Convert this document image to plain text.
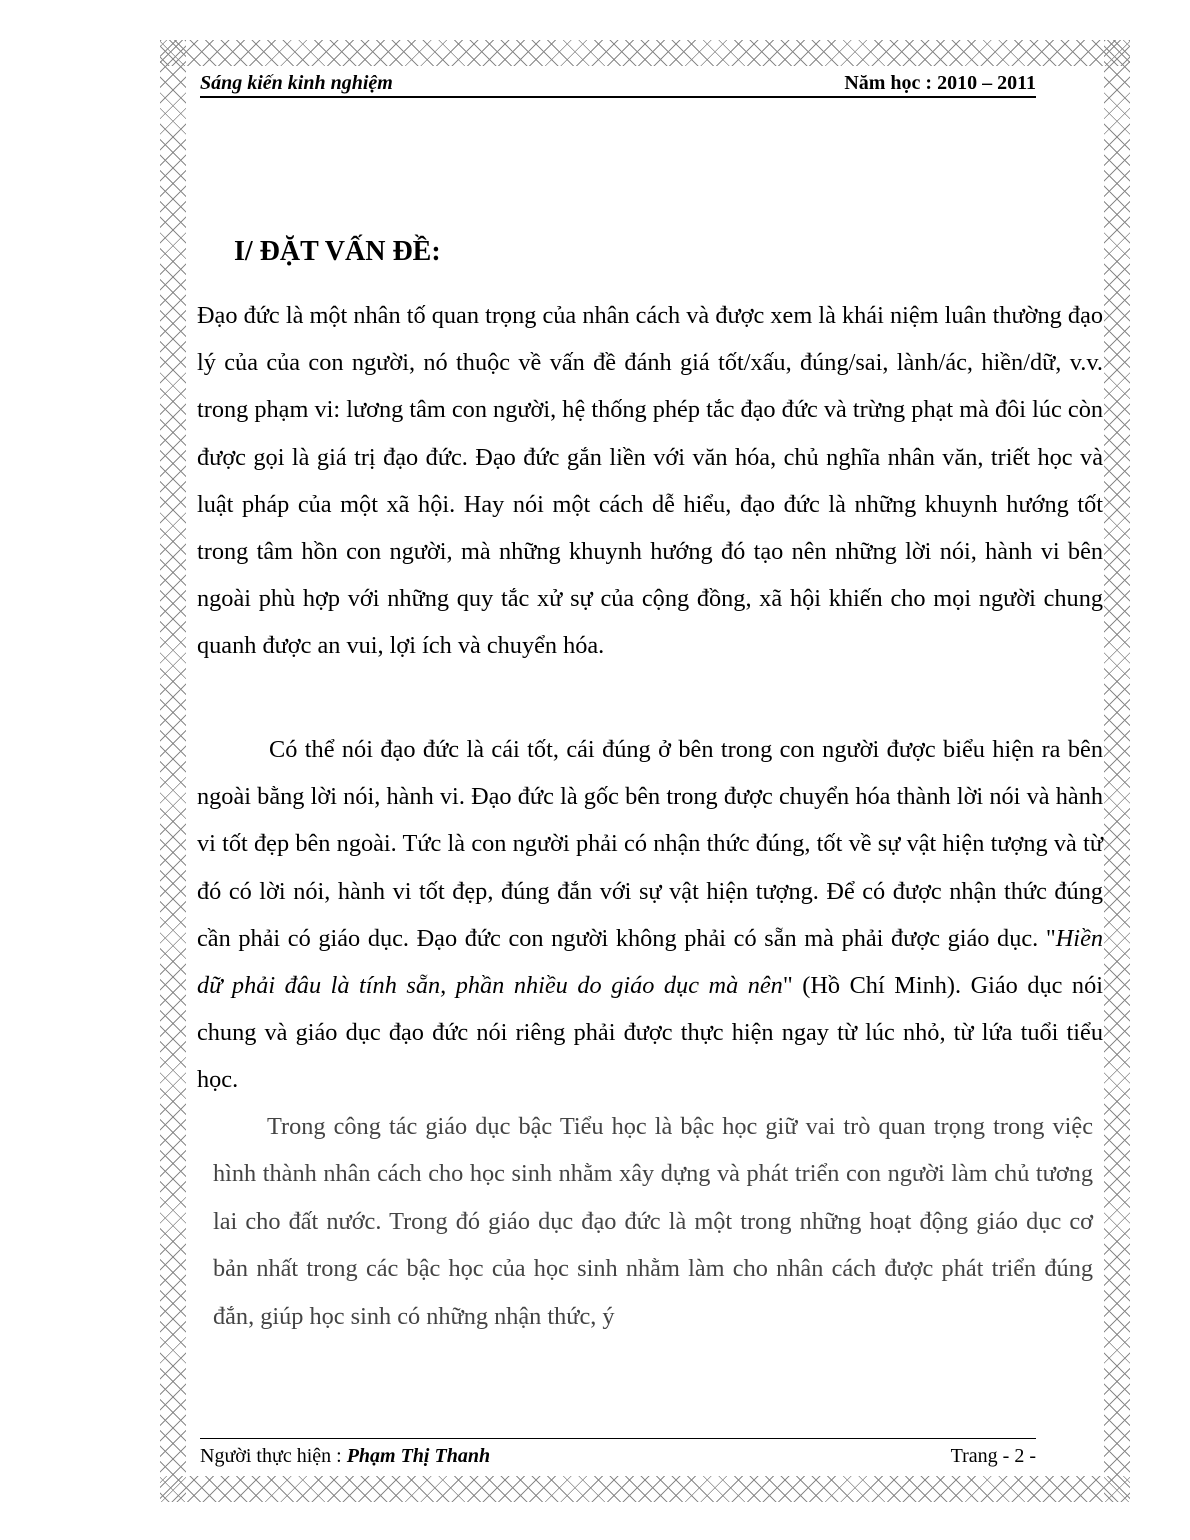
Sáng kiến kinh nghiệm	Năm học : 2010 – 2011
I/ ĐẶT VẤN ĐỀ:
Đạo đức là một nhân tố quan trọng của nhân cách và được xem là khái niệm luân thường đạo lý của của con người, nó thuộc về vấn đề đánh giá tốt/xấu, đúng/sai, lành/ác, hiền/dữ, v.v. trong phạm vi: lương tâm con người, hệ thống phép tắc đạo đức và trừng phạt mà đôi lúc còn được gọi là giá trị đạo đức. Đạo đức gắn liền với văn hóa, chủ nghĩa nhân văn, triết học và luật pháp của một xã hội. Hay nói một cách dễ hiểu, đạo đức là những khuynh hướng tốt trong tâm hồn con người, mà những khuynh hướng đó tạo nên những lời nói, hành vi bên ngoài phù hợp với những quy tắc xử sự của cộng đồng, xã hội khiến cho mọi người chung quanh được an vui, lợi ích và chuyển hóa.
Có thể nói đạo đức là cái tốt, cái đúng ở bên trong con người được biểu hiện ra bên ngoài bằng lời nói, hành vi. Đạo đức là gốc bên trong được chuyển hóa thành lời nói và hành vi tốt đẹp bên ngoài. Tức là con người phải có nhận thức đúng, tốt về sự vật hiện tượng và từ đó có lời nói, hành vi tốt đẹp, đúng đắn với sự vật hiện tượng. Để có được nhận thức đúng cần phải có giáo dục. Đạo đức con người không phải có sẵn mà phải được giáo dục. "Hiền dữ phải đâu là tính sẵn, phần nhiều do giáo dục mà nên" (Hồ Chí Minh). Giáo dục nói chung và giáo dục đạo đức nói riêng phải được thực hiện ngay từ lúc nhỏ, từ lứa tuổi tiểu học.
Trong công tác giáo dục bậc Tiểu học là bậc học giữ vai trò quan trọng trong việc hình thành nhân cách cho học sinh nhằm xây dựng và phát triển con người làm chủ tương lai cho đất nước. Trong đó giáo dục đạo đức là một trong những hoạt động giáo dục cơ bản nhất trong các bậc học của học sinh nhằm làm cho nhân cách được phát triển đúng đắn, giúp học sinh có những nhận thức, ý
Người thực hiện : Phạm Thị Thanh	Trang - 2 -
